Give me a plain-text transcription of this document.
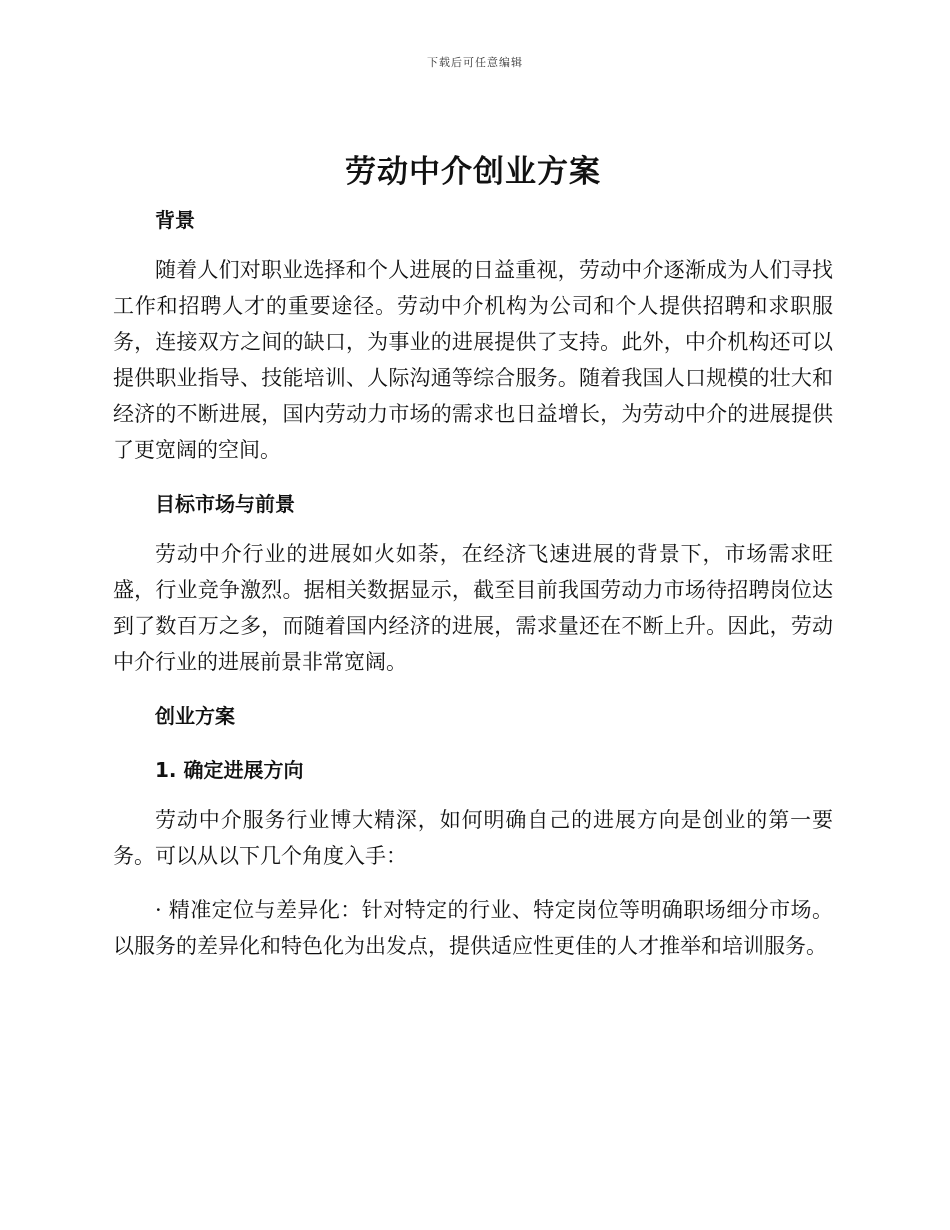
下载后可任意编辑
劳动中介创业方案
背景

随着人们对职业选择和个人进展的日益重视，劳动中介逐渐成为人们寻找工作和招聘人才的重要途径。劳动中介机构为公司和个人提供招聘和求职服务，连接双方之间的缺口，为事业的进展提供了支持。此外，中介机构还可以提供职业指导、技能培训、人际沟通等综合服务。随着我国人口规模的壮大和经济的不断进展，国内劳动力市场的需求也日益增长，为劳动中介的进展提供了更宽阔的空间。

目标市场与前景

劳动中介行业的进展如火如荼，在经济飞速进展的背景下，市场需求旺盛，行业竞争激烈。据相关数据显示，截至目前我国劳动力市场待招聘岗位达到了数百万之多，而随着国内经济的进展，需求量还在不断上升。因此，劳动中介行业的进展前景非常宽阔。

创业方案
1. 确定进展方向

劳动中介服务行业博大精深，如何明确自己的进展方向是创业的第一要务。可以从以下几个角度入手：

· 精准定位与差异化：针对特定的行业、特定岗位等明确职场细分市场。以服务的差异化和特色化为出发点，提供适应性更佳的人才推举和培训服务。
